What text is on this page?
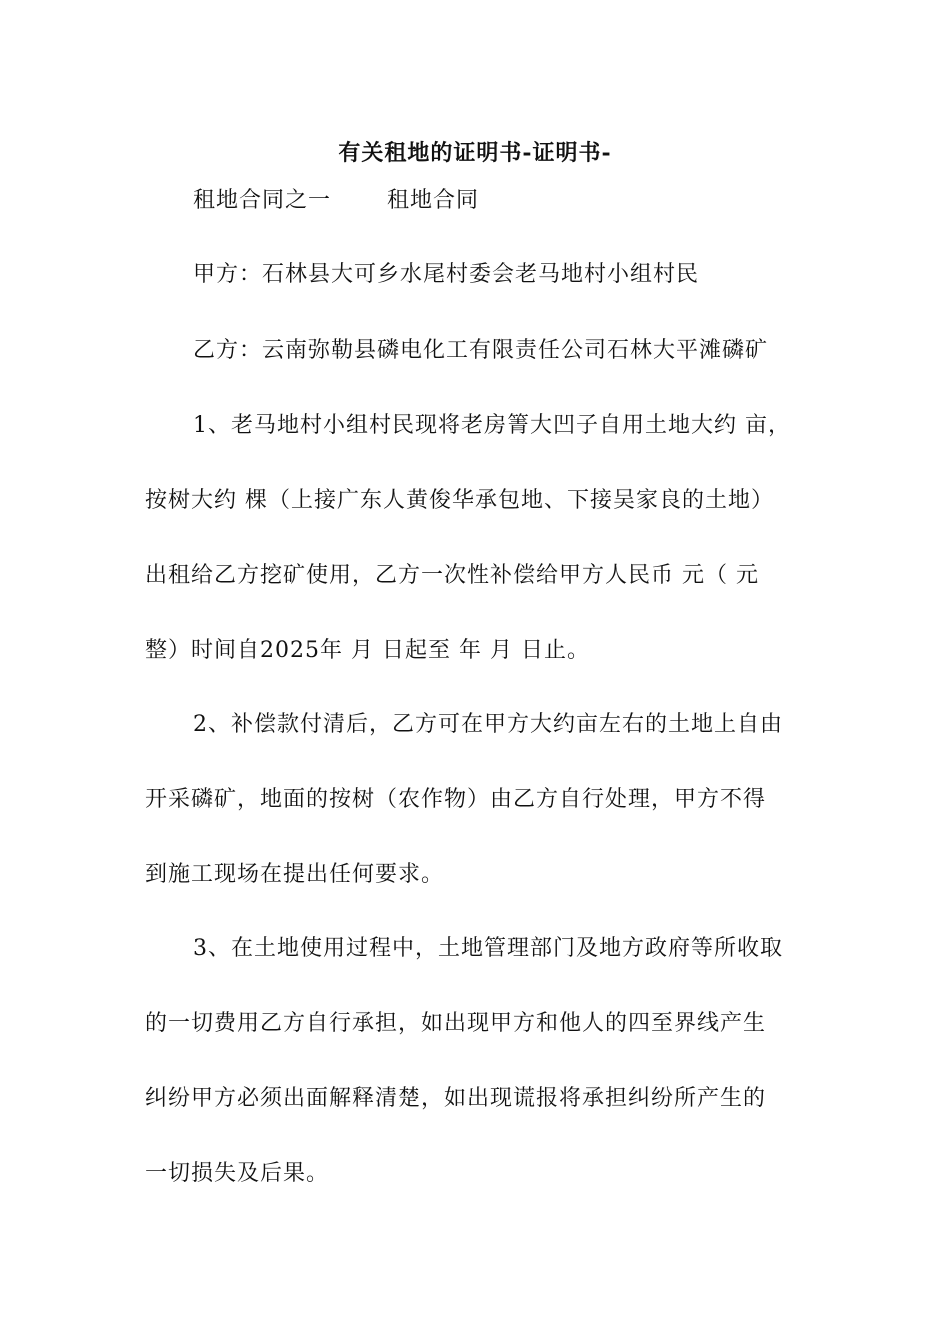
有关租地的证明书-证明书-
租地合同之一       租地合同
甲方：石林县大可乡水尾村委会老马地村小组村民
乙方：云南弥勒县磷电化工有限责任公司石林大平滩磷矿
1、老马地村小组村民现将老房箐大凹子自用土地大约 亩，
按树大约 棵（上接广东人黄俊华承包地、下接吴家良的土地）
出租给乙方挖矿使用，乙方一次性补偿给甲方人民币 元（ 元
整）时间自2025年 月 日起至 年 月 日止。
2、补偿款付清后，乙方可在甲方大约亩左右的土地上自由
开采磷矿，地面的按树（农作物）由乙方自行处理，甲方不得
到施工现场在提出任何要求。
3、在土地使用过程中，土地管理部门及地方政府等所收取
的一切费用乙方自行承担，如出现甲方和他人的四至界线产生
纠纷甲方必须出面解释清楚，如出现谎报将承担纠纷所产生的
一切损失及后果。
